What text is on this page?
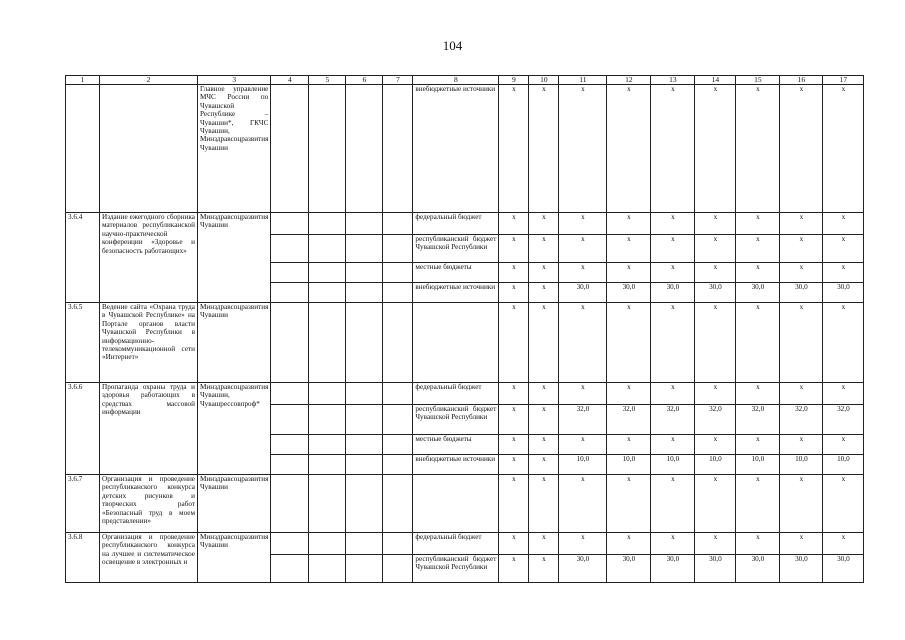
104
1	2	3	4	5	6	7	8	9	10	11	12	13	14	15	16	17
		Главное управление МЧС России по Чувашской Республике – Чувашии*, ГКЧС Чувашии, Минздравсоцразвития Чувашии					внебюджетные источники	x	x	x	x	x	x	x	x	x
3.6.4	Издание ежегодного сборника материалов республиканской научно-практической конференции «Здоровье и безопасность работающих»	Минздравсоцразвития Чувашии					федеральный бюджет	x	x	x	x	x	x	x	x	x
							республиканский бюджет Чувашской Республики	x	x	x	x	x	x	x	x	x
							местные бюджеты	x	x	x	x	x	x	x	x	x
							внебюджетные источники	x	x	30,0	30,0	30,0	30,0	30,0	30,0	30,0
3.6.5	Ведение сайта «Охрана труда в Чувашской Республике» на Портале органов власти Чувашской Республики в информационно-телекоммуникационной сети «Интернет»	Минздравсоцразвития Чувашии						x	x	x	x	x	x	x	x	x
3.6.6	Пропаганда охраны труда и здоровья работающих в средствах массовой информации	Минздравсоцразвития Чувашии, Чувашрессовпроф*					федеральный бюджет	x	x	x	x	x	x	x	x	x
							республиканский бюджет Чувашской Республики	x	x	32,0	32,0	32,0	32,0	32,0	32,0	32,0
							местные бюджеты	x	x	x	x	x	x	x	x	x
							внебюджетные источники	x	x	10,0	10,0	10,0	10,0	10,0	10,0	10,0
3.6.7	Организация и проведение республиканского конкурса детских рисунков и творческих работ «Безопасный труд в моем представлении»	Минздравсоцразвития Чувашии						x	x	x	x	x	x	x	x	x
3.6.8	Организация и проведение республиканского конкурса на лучшее и систематическое освещение в электронных и	Минздравсоцразвития Чувашии					федеральный бюджет	x	x	x	x	x	x	x	x	x
							республиканский бюджет Чувашской Республики	x	x	30,0	30,0	30,0	30,0	30,0	30,0	30,0
